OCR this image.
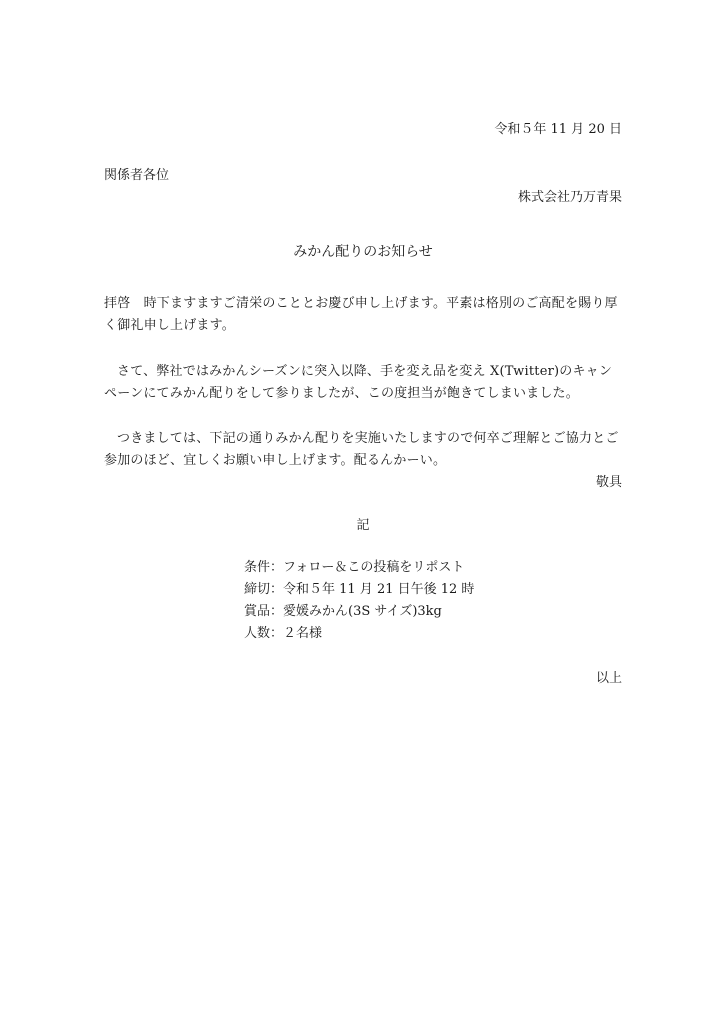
令和５年 11 月 20 日
関係者各位
株式会社乃万青果
みかん配りのお知らせ
拝啓　時下ますますご清栄のこととお慶び申し上げます。平素は格別のご高配を賜り厚く御礼申し上げます。
さて、弊社ではみかんシーズンに突入以降、手を変え品を変え X(Twitter)のキャンペーンにてみかん配りをして参りましたが、この度担当が飽きてしまいました。
つきましては、下記の通りみかん配りを実施いたしますので何卒ご理解とご協力とご参加のほど、宜しくお願い申し上げます。配るんかーい。
敬具
記
条件：フォロー＆この投稿をリポスト
締切：令和５年 11 月 21 日午後 12 時
賞品：愛媛みかん(3S サイズ)3kg
人数：２名様
以上
